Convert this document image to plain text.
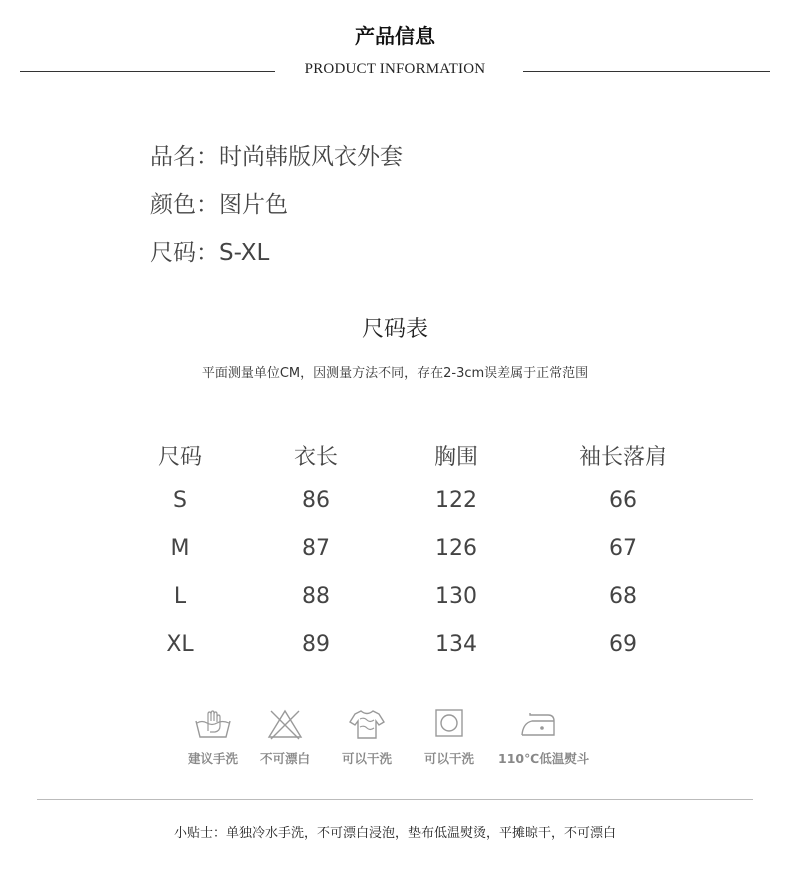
产品信息
PRODUCT INFORMATION
品名：时尚韩版风衣外套
颜色：图片色
尺码：S-XL
尺码表
平面测量单位CM，因测量方法不同，存在2-3cm误差属于正常范围
尺码	衣长	胸围	袖长落肩
S	86	122	66
M	87	126	67
L	88	130	68
XL	89	134	69
建议手洗	不可漂白	可以干洗	可以干洗	110℃低温熨斗
小贴士：单独冷水手洗，不可漂白浸泡，垫布低温熨烫，平摊晾干，不可漂白
